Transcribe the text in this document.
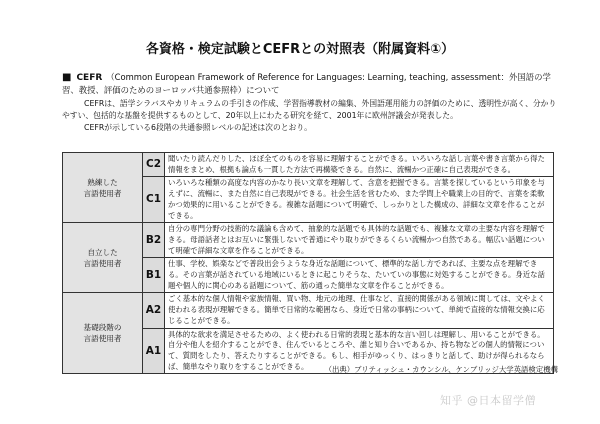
各資格・検定試験とCEFRとの対照表（附属資料①）
■ CEFR （Common European Framework of Reference for Languages: Learning, teaching, assessment：外国語の学習、教授、評価のためのヨーロッパ共通参照枠）について

CEFRは、語学シラバスやカリキュラムの手引きの作成、学習指導教材の編集、外国語運用能力の評価のために、透明性が高く、分かりやすい、包括的な基盤を提供するものとして、20年以上にわたる研究を経て、2001年に欧州評議会が発表した。

CEFRが示している6段階の共通参照レベルの記述は次のとおり。

熟練した
言語使用者	C2	聞いたり読んだりした、ほぼ全てのものを容易に理解することができる。いろいろな話し言葉や書き言葉から得た情報をまとめ、根拠も論点も一貫した方法で再構築できる。自然に、流暢かつ正確に自己表現ができる。
	C1	いろいろな種類の高度な内容のかなり長い文章を理解して、含意を把握できる。言葉を探しているという印象を与えずに、流暢に、また自然に自己表現ができる。社会生活を営むため、また学問上や職業上の目的で、言葉を柔軟かつ効果的に用いることができる。複雑な話題について明確で、しっかりとした構成の、詳細な文章を作ることができる。
自立した
言語使用者	B2	自分の専門分野の技術的な議論も含めて、抽象的な話題でも具体的な話題でも、複雑な文章の主要な内容を理解できる。母語話者とはお互いに緊張しないで普通にやり取りができるくらい流暢かつ自然である。幅広い話題について明確で詳細な文章を作ることができる。
	B1	仕事、学校、娯楽などで普段出会うような身近な話題について、標準的な話し方であれば、主要な点を理解できる。その言葉が話されている地域にいるときに起こりそうな、たいていの事態に対処することができる。身近な話題や個人的に関心のある話題について、筋の通った簡単な文章を作ることができる。
基礎段階の
言語使用者	A2	ごく基本的な個人情報や家族情報、買い物、地元の地理、仕事など、直接的関係がある領域に関しては、文やよく使われる表現が理解できる。簡単で日常的な範囲なら、身近で日常の事柄について、単純で直接的な情報交換に応じることができる。
	A1	具体的な欲求を満足させるための、よく使われる日常的表現と基本的な言い回しは理解し、用いることができる。自分や他人を紹介することができ、住んでいるところや、誰と知り合いであるか、持ち物などの個人的情報について、質問をしたり、答えたりすることができる。もし、相手がゆっくり、はっきりと話して、助けが得られるならば、簡単なやり取りをすることができる。	（出典）ブリティッシュ・カウンシル、ケンブリッジ大学英語検定機構
知乎 @日本留学僧
